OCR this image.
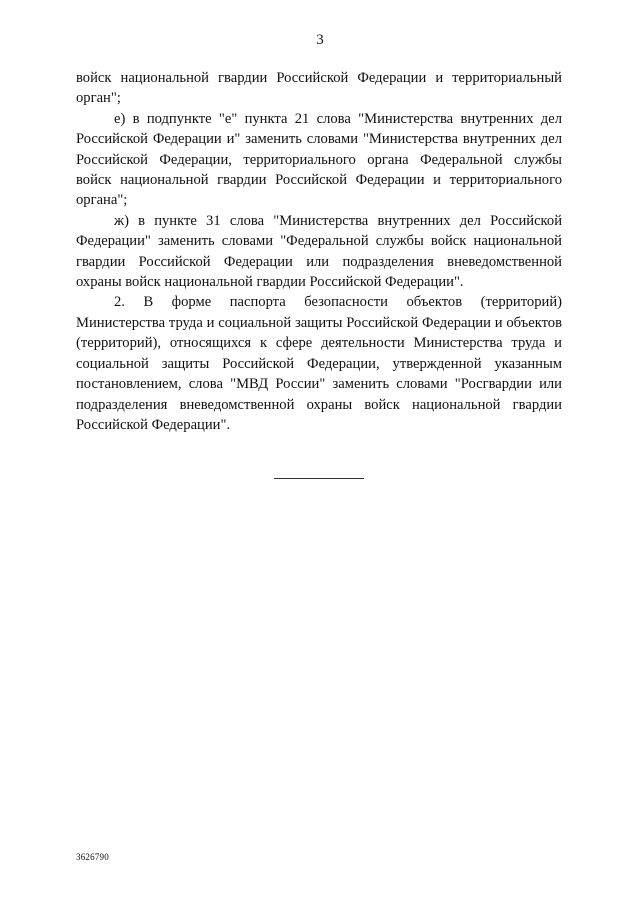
3

войск национальной гвардии Российской Федерации и территориальный орган";

е) в подпункте "е" пункта 21 слова "Министерства внутренних дел Российской Федерации и" заменить словами "Министерства внутренних дел Российской Федерации, территориального органа Федеральной службы войск национальной гвардии Российской Федерации и территориального органа";

ж) в пункте 31 слова "Министерства внутренних дел Российской Федерации" заменить словами "Федеральной службы войск национальной гвардии Российской Федерации или подразделения вневедомственной охраны войск национальной гвардии Российской Федерации".

2. В форме паспорта безопасности объектов (территорий) Министерства труда и социальной защиты Российской Федерации и объектов (территорий), относящихся к сфере деятельности Министерства труда и социальной защиты Российской Федерации, утвержденной указанным постановлением, слова "МВД России" заменить словами "Росгвардии или подразделения вневедомственной охраны войск национальной гвардии Российской Федерации".

3626790
